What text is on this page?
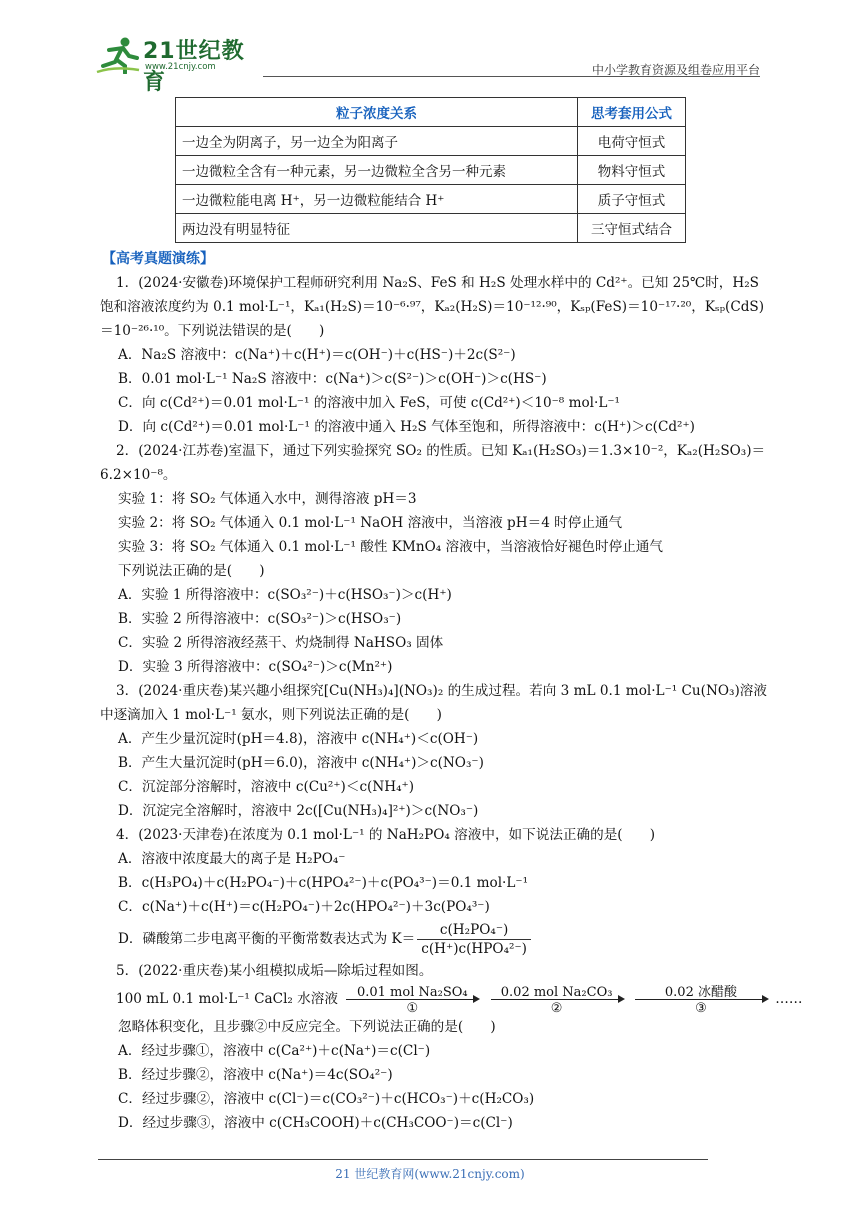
21世纪教育
www.21cnjy.com	中小学教育资源及组卷应用平台
粒子浓度关系	思考套用公式
一边全为阴离子，另一边全为阳离子	电荷守恒式
一边微粒全含有一种元素，另一边微粒全含另一种元素	物料守恒式
一边微粒能电离 H⁺，另一边微粒能结合 H⁺	质子守恒式
两边没有明显特征	三守恒式结合
【高考真题演练】
1．(2024·安徽卷)环境保护工程师研究利用 Na₂S、FeS 和 H₂S 处理水样中的 Cd²⁺。已知 25℃时，H₂S
饱和溶液浓度约为 0.1 mol·L⁻¹，Kₐ₁(H₂S)＝10⁻⁶·⁹⁷，Kₐ₂(H₂S)＝10⁻¹²·⁹⁰，Kₛₚ(FeS)＝10⁻¹⁷·²⁰，Kₛₚ(CdS)
＝10⁻²⁶·¹⁰。下列说法错误的是(　　)
A．Na₂S 溶液中：c(Na⁺)＋c(H⁺)＝c(OH⁻)＋c(HS⁻)＋2c(S²⁻)
B．0.01 mol·L⁻¹ Na₂S 溶液中：c(Na⁺)＞c(S²⁻)＞c(OH⁻)＞c(HS⁻)
C．向 c(Cd²⁺)＝0.01 mol·L⁻¹ 的溶液中加入 FeS，可使 c(Cd²⁺)＜10⁻⁸ mol·L⁻¹
D．向 c(Cd²⁺)＝0.01 mol·L⁻¹ 的溶液中通入 H₂S 气体至饱和，所得溶液中：c(H⁺)＞c(Cd²⁺)
2．(2024·江苏卷)室温下，通过下列实验探究 SO₂ 的性质。已知 Kₐ₁(H₂SO₃)＝1.3×10⁻²，Kₐ₂(H₂SO₃)＝
6.2×10⁻⁸。
实验 1：将 SO₂ 气体通入水中，测得溶液 pH＝3
实验 2：将 SO₂ 气体通入 0.1 mol·L⁻¹ NaOH 溶液中，当溶液 pH＝4 时停止通气
实验 3：将 SO₂ 气体通入 0.1 mol·L⁻¹ 酸性 KMnO₄ 溶液中，当溶液恰好褪色时停止通气
下列说法正确的是(　　)
A．实验 1 所得溶液中：c(SO₃²⁻)＋c(HSO₃⁻)＞c(H⁺)
B．实验 2 所得溶液中：c(SO₃²⁻)＞c(HSO₃⁻)
C．实验 2 所得溶液经蒸干、灼烧制得 NaHSO₃ 固体
D．实验 3 所得溶液中：c(SO₄²⁻)＞c(Mn²⁺)
3．(2024·重庆卷)某兴趣小组探究[Cu(NH₃)₄](NO₃)₂ 的生成过程。若向 3 mL 0.1 mol·L⁻¹ Cu(NO₃)溶液
中逐滴加入 1 mol·L⁻¹ 氨水，则下列说法正确的是(　　)
A．产生少量沉淀时(pH＝4.8)，溶液中 c(NH₄⁺)＜c(OH⁻)
B．产生大量沉淀时(pH＝6.0)，溶液中 c(NH₄⁺)＞c(NO₃⁻)
C．沉淀部分溶解时，溶液中 c(Cu²⁺)＜c(NH₄⁺)
D．沉淀完全溶解时，溶液中 2c([Cu(NH₃)₄]²⁺)＞c(NO₃⁻)
4．(2023·天津卷)在浓度为 0.1 mol·L⁻¹ 的 NaH₂PO₄ 溶液中，如下说法正确的是(　　)
A．溶液中浓度最大的离子是 H₂PO₄⁻
B．c(H₃PO₄)＋c(H₂PO₄⁻)＋c(HPO₄²⁻)＋c(PO₄³⁻)＝0.1 mol·L⁻¹
C．c(Na⁺)＋c(H⁺)＝c(H₂PO₄⁻)＋2c(HPO₄²⁻)＋3c(PO₄³⁻)
D．磷酸第二步电离平衡的平衡常数表达式为 K＝
c(H₂PO₄⁻)
c(H⁺)c(HPO₄²⁻)
5．(2022·重庆卷)某小组模拟成垢—除垢过程如图。
100 mL 0.1 mol·L⁻¹ CaCl₂ 水溶液	0.01 mol Na₂SO₄
①

0.02 mol Na₂CO₃
②

0.02 冰醋酸
③
……
忽略体积变化，且步骤②中反应完全。下列说法正确的是(　　)
A．经过步骤①，溶液中 c(Ca²⁺)＋c(Na⁺)＝c(Cl⁻)
B．经过步骤②，溶液中 c(Na⁺)＝4c(SO₄²⁻)
C．经过步骤②，溶液中 c(Cl⁻)＝c(CO₃²⁻)＋c(HCO₃⁻)＋c(H₂CO₃)
D．经过步骤③，溶液中 c(CH₃COOH)＋c(CH₃COO⁻)＝c(Cl⁻)
21 世纪教育网(www.21cnjy.com)
